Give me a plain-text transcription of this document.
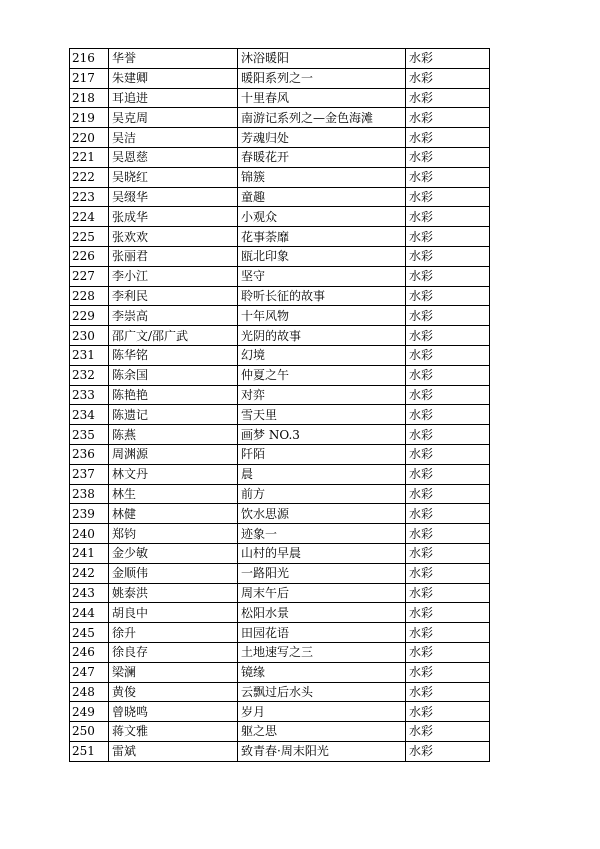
216	华誉	沐浴暖阳	水彩
217	朱建卿	暖阳系列之一	水彩
218	耳追进	十里春风	水彩
219	吴克周	南游记系列之—金色海滩	水彩
220	吴洁	芳魂归处	水彩
221	吴恩慈	春暖花开	水彩
222	吴晓红	锦簇	水彩
223	吴缀华	童趣	水彩
224	张成华	小观众	水彩
225	张欢欢	花事荼靡	水彩
226	张丽君	瓯北印象	水彩
227	李小江	坚守	水彩
228	李利民	聆听长征的故事	水彩
229	李崇高	十年风物	水彩
230	邵广文/邵广武	光阴的故事	水彩
231	陈华铭	幻境	水彩
232	陈余国	仲夏之午	水彩
233	陈艳艳	对弈	水彩
234	陈遗记	雪天里	水彩
235	陈燕	画梦 NO.3	水彩
236	周渊源	阡陌	水彩
237	林文丹	晨	水彩
238	林生	前方	水彩
239	林健	饮水思源	水彩
240	郑钧	迹象一	水彩
241	金少敏	山村的早晨	水彩
242	金顺伟	一路阳光	水彩
243	姚泰洪	周末午后	水彩
244	胡良中	松阳水景	水彩
245	徐升	田园花语	水彩
246	徐良存	土地速写之三	水彩
247	梁澜	镜缘	水彩
248	黄俊	云飘过后水头	水彩
249	曾晓鸣	岁月	水彩
250	蒋文雅	躯之思	水彩
251	雷斌	致青春·周末阳光	水彩
